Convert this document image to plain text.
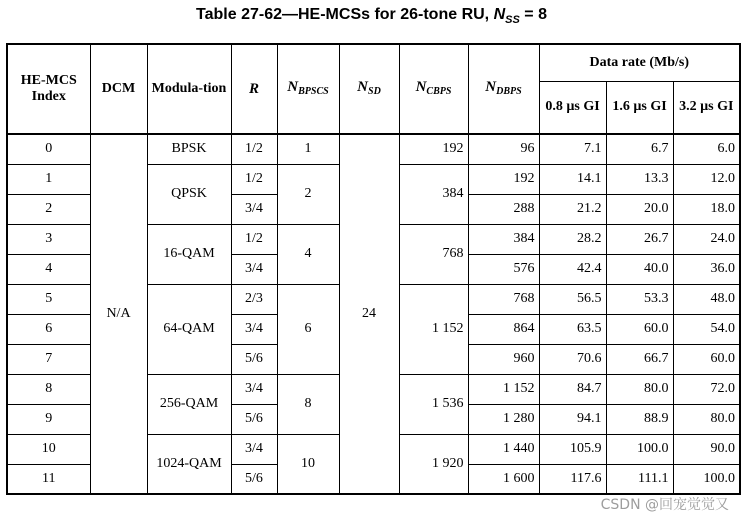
Table 27-62—HE-MCSs for 26-tone RU, $N_{SS} = 8$
HE-MCS Index	DCM	Modula-tion	R	$N_{BPSCS}$	$N_{SD}$	$N_{CBPS}$	$N_{DBPS}$	Data rate (Mb/s)		
								0.8 µs GI	1.6 µs GI	3.2 µs GI
0	N/A	BPSK	1/2	1	24	192	96	7.1	6.7	6.0
1		QPSK	1/2	2		384	192	14.1	13.3	12.0
2			3/4				288	21.2	20.0	18.0
3		16-QAM	1/2	4		768	384	28.2	26.7	24.0
4			3/4				576	42.4	40.0	36.0
5		64-QAM	2/3	6		1 152	768	56.5	53.3	48.0
6			3/4				864	63.5	60.0	54.0
7			5/6				960	70.6	66.7	60.0
8		256-QAM	3/4	8		1 536	1 152	84.7	80.0	72.0
9			5/6				1 280	94.1	88.9	80.0
10		1024-QAM	3/4	10		1 920	1 440	105.9	100.0	90.0
11			5/6				1 600	117.6	111.1	100.0
CSDN @回宠觉觉又
